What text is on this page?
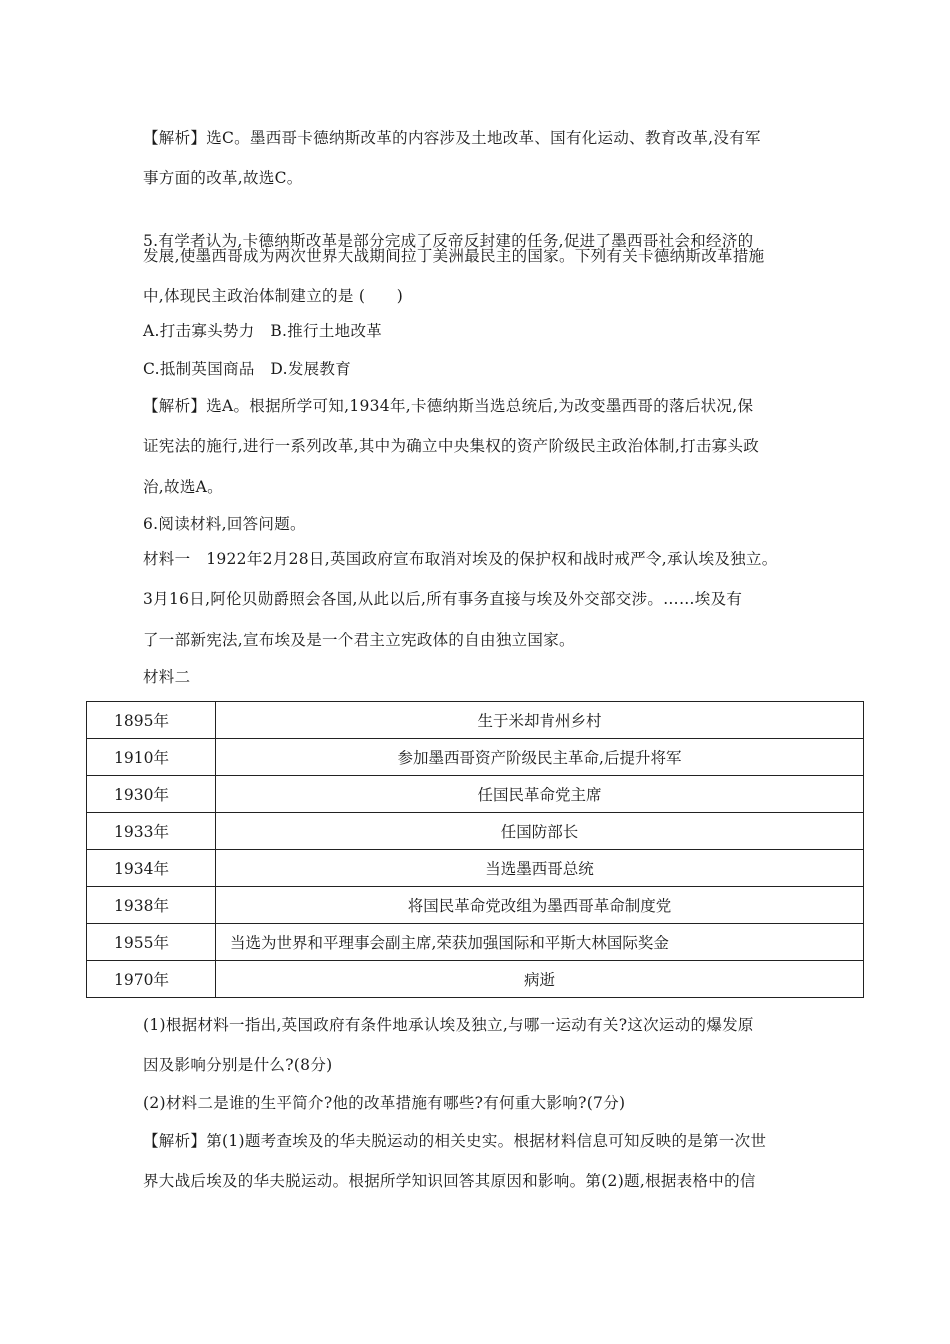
【解析】选C。墨西哥卡德纳斯改革的内容涉及土地改革、国有化运动、教育改革,没有军
事方面的改革,故选C。
5.有学者认为,卡德纳斯改革是部分完成了反帝反封建的任务,促进了墨西哥社会和经济的
发展,使墨西哥成为两次世界大战期间拉丁美洲最民主的国家。下列有关卡德纳斯改革措施
中,体现民主政治体制建立的是 (　　)
A.打击寡头势力　B.推行土地改革
C.抵制英国商品　D.发展教育
【解析】选A。根据所学可知,1934年,卡德纳斯当选总统后,为改变墨西哥的落后状况,保
证宪法的施行,进行一系列改革,其中为确立中央集权的资产阶级民主政治体制,打击寡头政
治,故选A。
6.阅读材料,回答问题。
材料一　1922年2月28日,英国政府宣布取消对埃及的保护权和战时戒严令,承认埃及独立。
3月16日,阿伦贝勋爵照会各国,从此以后,所有事务直接与埃及外交部交涉。……埃及有
了一部新宪法,宣布埃及是一个君主立宪政体的自由独立国家。
材料二
1895年	生于米却肯州乡村
1910年	参加墨西哥资产阶级民主革命,后提升将军
1930年	任国民革命党主席
1933年	任国防部长
1934年	当选墨西哥总统
1938年	将国民革命党改组为墨西哥革命制度党
1955年	当选为世界和平理事会副主席,荣获加强国际和平斯大林国际奖金
1970年	病逝
(1)根据材料一指出,英国政府有条件地承认埃及独立,与哪一运动有关?这次运动的爆发原
因及影响分别是什么?(8分)
(2)材料二是谁的生平简介?他的改革措施有哪些?有何重大影响?(7分)
【解析】第(1)题考查埃及的华夫脱运动的相关史实。根据材料信息可知反映的是第一次世
界大战后埃及的华夫脱运动。根据所学知识回答其原因和影响。第(2)题,根据表格中的信
